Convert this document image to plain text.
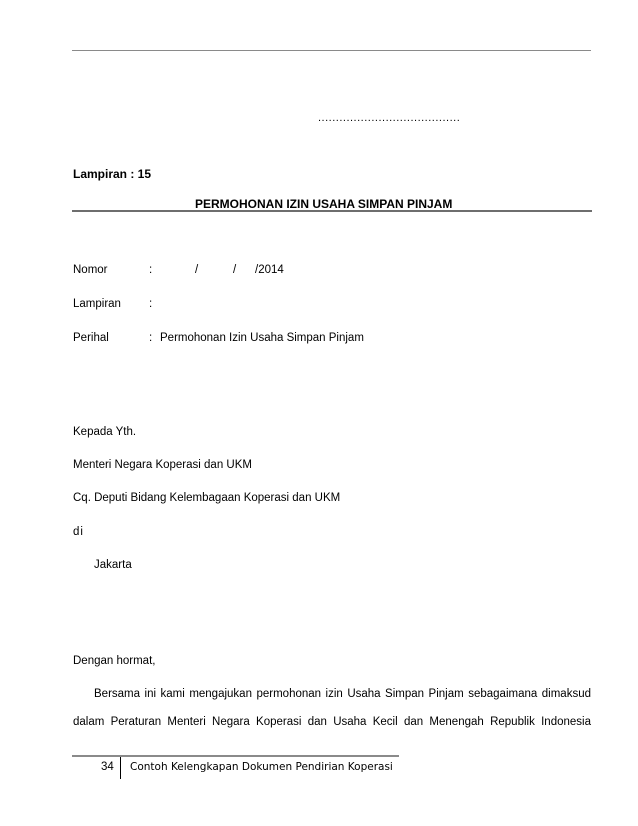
........................................
Lampiran : 15
PERMOHONAN IZIN USAHA SIMPAN PINJAM
Nomor	:	/	/ /2014
Lampiran :
Perihal	: Permohonan Izin Usaha Simpan Pinjam
Kepada Yth.
Menteri Negara Koperasi dan UKM
Cq. Deputi Bidang Kelembagaan Koperasi dan UKM
di
Jakarta
Dengan hormat,
Bersama ini kami mengajukan permohonan izin Usaha Simpan Pinjam sebagaimana dimaksud
dalam Peraturan Menteri Negara Koperasi dan Usaha Kecil dan Menengah Republik Indonesia
34 Contoh Kelengkapan Dokumen Pendirian Koperasi
